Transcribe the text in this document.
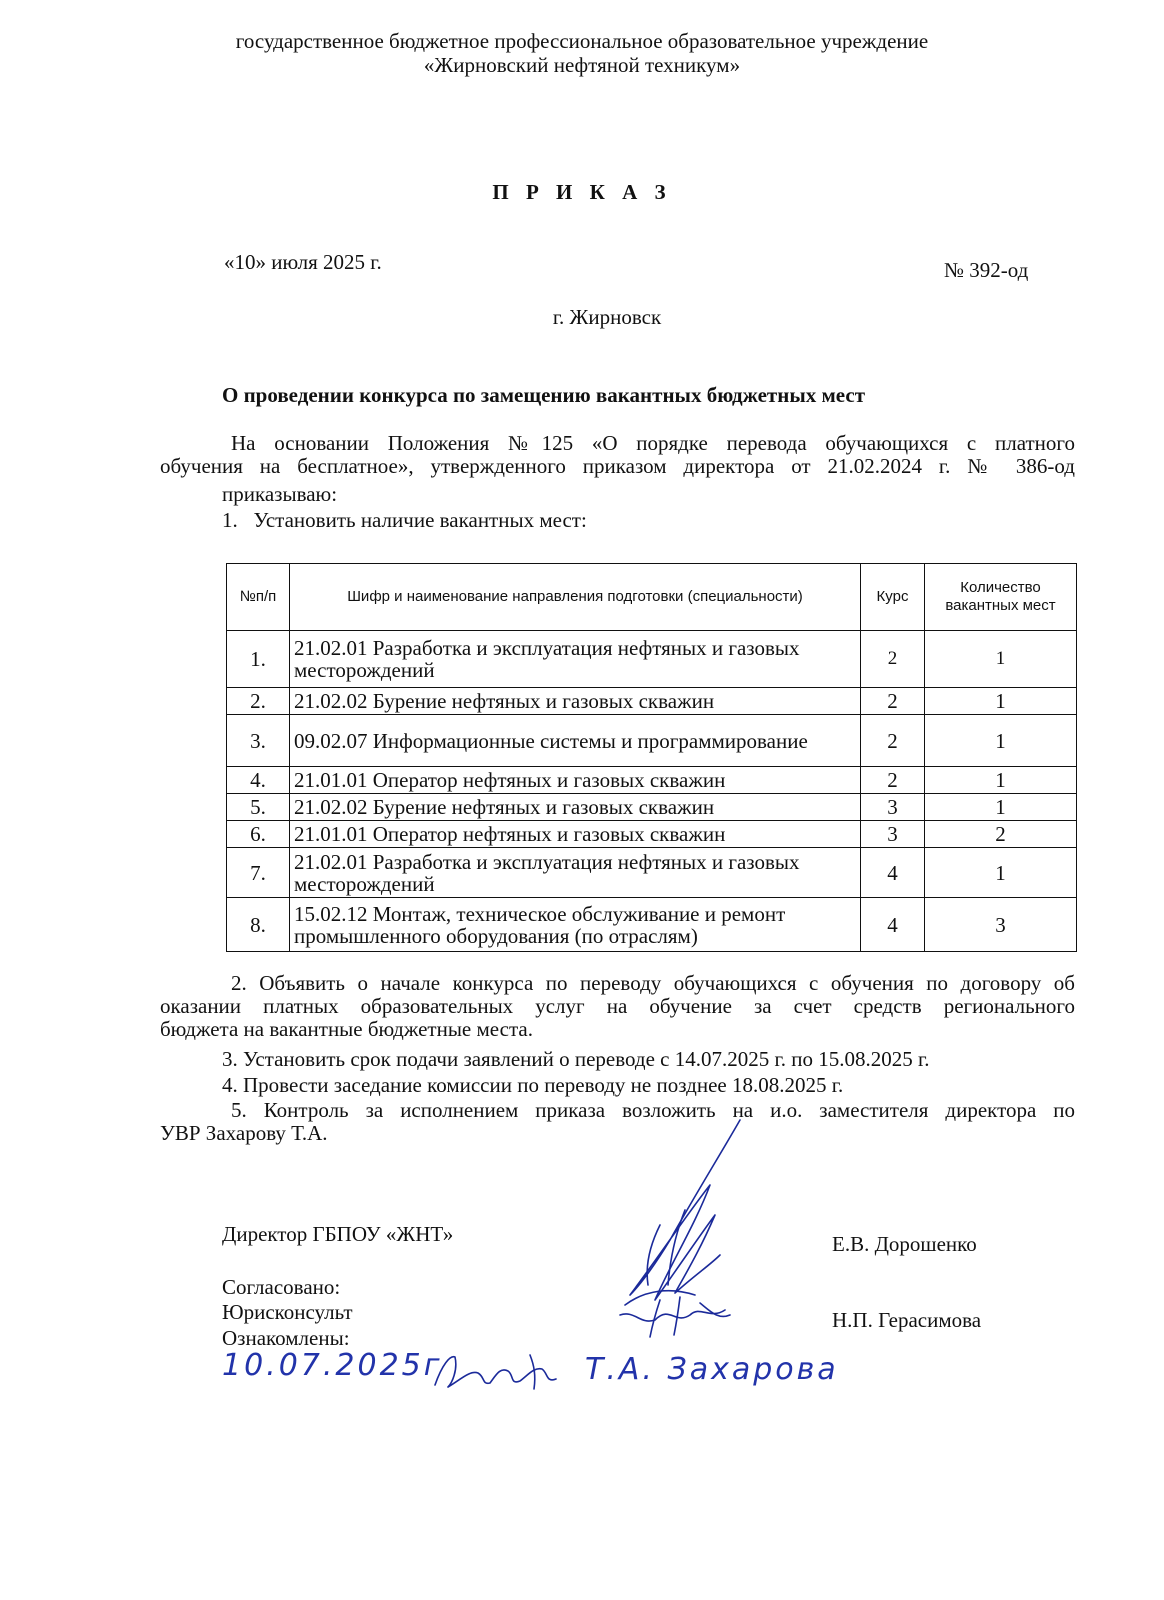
государственное бюджетное профессиональное образовательное учреждение
«Жирновский нефтяной техникум»
П Р И К А З
«10» июля 2025 г.	№ 392-од
г. Жирновск
О проведении конкурса по замещению вакантных бюджетных мест
На основании Положения №125 «О порядке перевода обучающихся с платного
обучения на бесплатное», утвержденного приказом директора от 21.02.2024 г. № 386-од
приказываю:
1.   Установить наличие вакантных мест:
№п/п	Шифр и наименование направления подготовки (специальности)	Курс	Количество вакантных мест
1.	21.02.01 Разработка и эксплуатация нефтяных и газовых месторождений	2	1
2.	21.02.02 Бурение нефтяных и газовых скважин	2	1
3.	09.02.07 Информационные системы и программирование	2	1
4.	21.01.01 Оператор нефтяных и газовых скважин	2	1
5.	21.02.02 Бурение нефтяных и газовых скважин	3	1
6.	21.01.01 Оператор нефтяных и газовых скважин	3	2
7.	21.02.01 Разработка и эксплуатация нефтяных и газовых месторождений	4	1
8.	15.02.12 Монтаж, техническое обслуживание и ремонт промышленного оборудования (по отраслям)	4	3
2. Объявить о начале конкурса по переводу обучающихся с обучения по договору об
оказании платных образовательных услуг на обучение за счет средств регионального
бюджета на вакантные бюджетные места.
3. Установить срок подачи заявлений о переводе с 14.07.2025 г. по 15.08.2025 г.
4. Провести заседание комиссии по переводу не позднее 18.08.2025 г.
5. Контроль за исполнением приказа возложить на и.о. заместителя директора по
УВР Захарову Т.А.
Директор ГБПОУ «ЖНТ»	Е.В. Дорошенко
Согласовано:
Юрисконсульт	Н.П. Герасимова
Ознакомлены:
10.07.2025г	Т.А. Захарова
